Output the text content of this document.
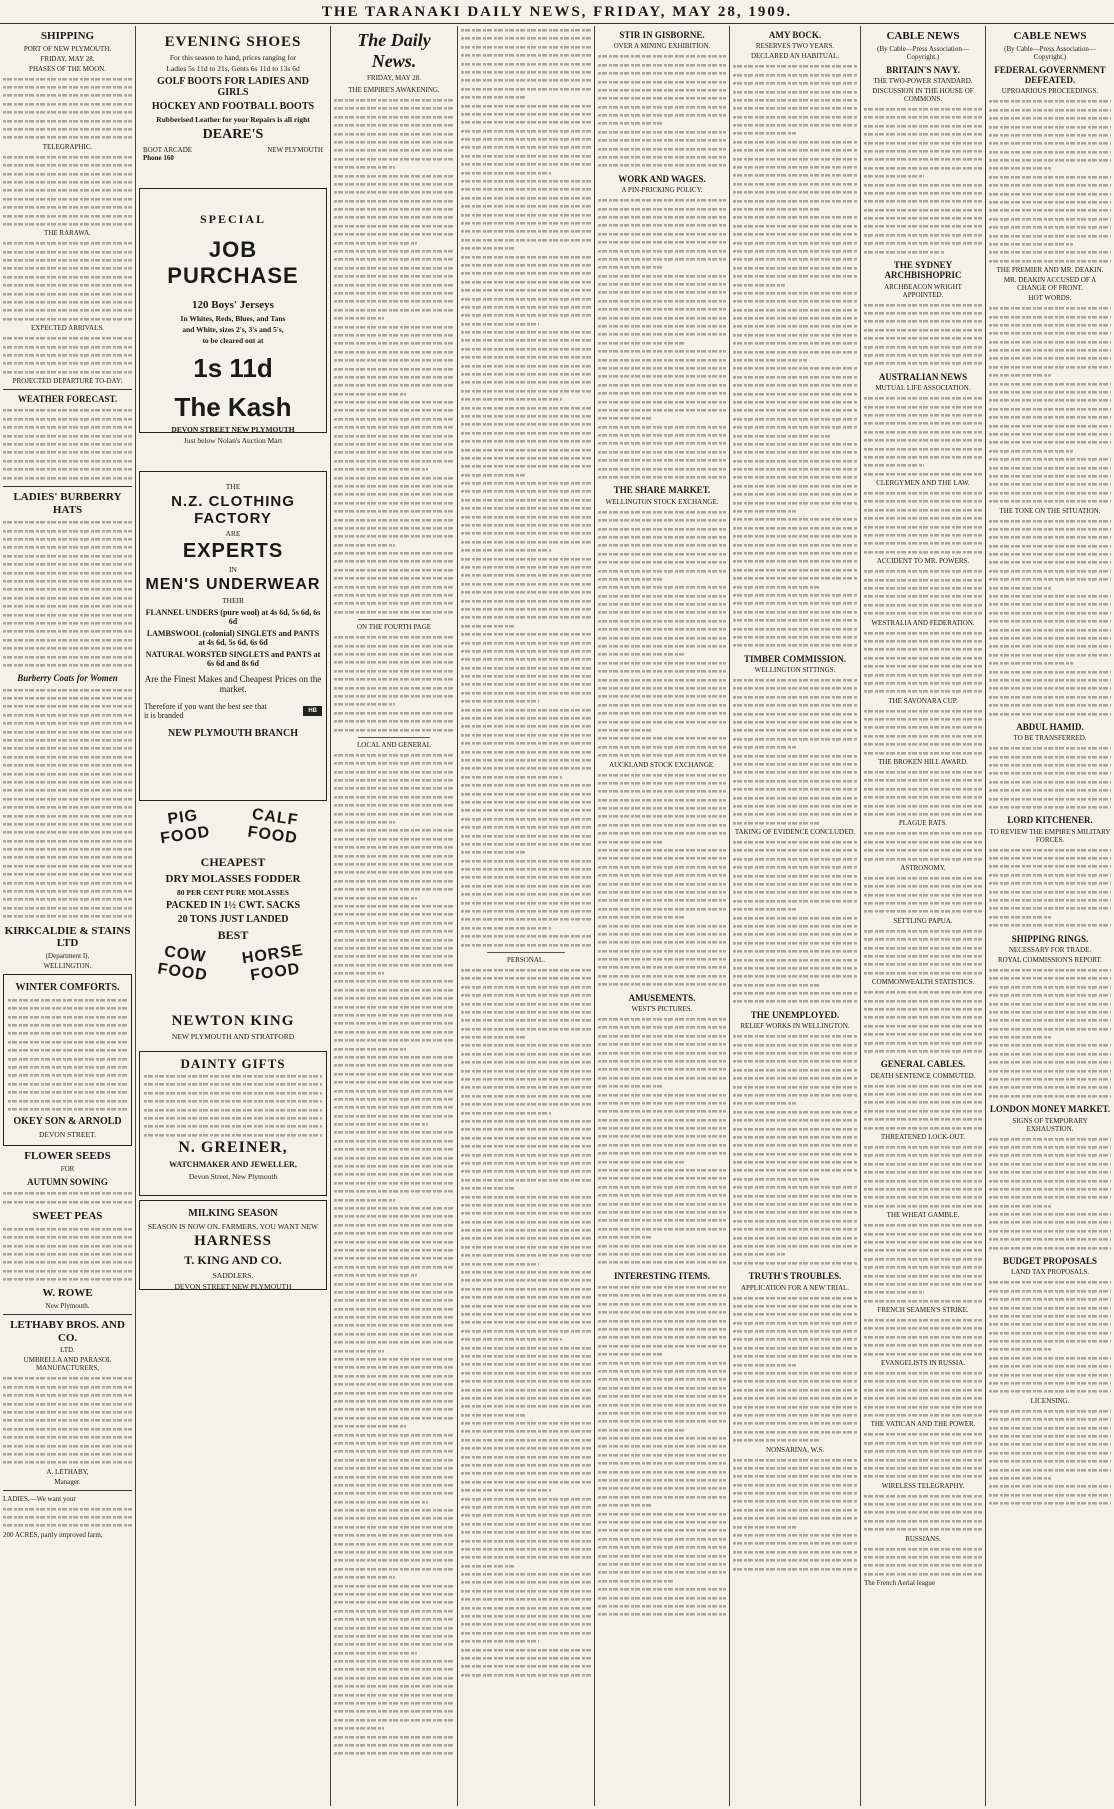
THE TARANAKI DAILY NEWS, FRIDAY, MAY 28, 1909.
SHIPPING
PORT OF NEW PLYMOUTH.
FRIDAY, MAY 28.
PHASES OF THE MOON.
TELEGRAPHIC.
THE RARAWA.
EXPECTED ARRIVALS.
PROJECTED DEPARTURE TO-DAY:
WEATHER FORECAST.
LADIES' BURBERRY HATS
Burberry Coats for Women
KIRKCALDIE & STAINS LTD
(Department I),
WELLINGTON.
WINTER COMFORTS.
OKEY SON & ARNOLD
DEVON STREET.
FLOWER SEEDS
FOR
AUTUMN SOWING
SWEET PEAS
W. ROWE
New Plymouth.
LETHABY BROS. AND CO.
LTD.
UMBRELLA AND PARASOL MANUFACTURERS,
A. LETHABY,
Manager.
LADIES.—We want your
200 ACRES, partly improved farm,
EVENING SHOES
For this season to hand, prices ranging for
Ladies 5s 11d to 21s, Gents 6s 11d to 13s 6d
GOLF BOOTS FOR LADIES AND GIRLS
HOCKEY AND FOOTBALL BOOTS
Rubberised Leather for your Repairs is all right
DEARE'S
BOOT ARCADE	NEW PLYMOUTH
Phone 160
SPECIAL
JOB PURCHASE
120 Boys' Jerseys
In Whites, Reds, Blues, and Tans
and White, sizes 2's, 3's and 5's,
to be cleared out at
1s 11d
The Kash
DEVON STREET NEW PLYMOUTH
Just below Nolan's Auction Mart
THE
N.Z. CLOTHING FACTORY
ARE
EXPERTS
IN
MEN'S UNDERWEAR
THEIR
FLANNEL UNDERS (pure wool) at 4s 6d, 5s 6d, 6s 6d
LAMBSWOOL (colonial) SINGLETS and PANTS at 4s 6d, 5s 6d, 6s 6d
NATURAL WORSTED SINGLETS and PANTS at 6s 6d and 8s 6d
Are the Finest Makes and Cheapest Prices on the market.
Therefore if you want the best see that it is branded	HB
NEW PLYMOUTH BRANCH
PIG FOOD
CALF FOOD
CHEAPEST
DRY MOLASSES FODDER
80 PER CENT PURE MOLASSES
PACKED IN 1½ CWT. SACKS
20 TONS JUST LANDED
BEST
COW FOOD
HORSE FOOD
NEWTON KING
NEW PLYMOUTH AND STRATFORD
DAINTY GIFTS
N. GREINER,
WATCHMAKER AND JEWELLER,
Devon Street, New Plymouth
MILKING SEASON
SEASON IS NOW ON. FARMERS, YOU WANT NEW
HARNESS
T. KING AND CO.
SADDLERS.
DEVON STREET NEW PLYMOUTH
The Daily News.
FRIDAY, MAY 28.
THE EMPIRE'S AWAKENING.
ON THE FOURTH PAGE
LOCAL AND GENERAL
PERSONAL.
STIR IN GISBORNE.
OVER A MINING EXHIBITION.
WORK AND WAGES.
A PIN-PRICKING POLICY.
THE SHARE MARKET.
WELLINGTON STOCK EXCHANGE.
AUCKLAND STOCK EXCHANGE.
AMUSEMENTS.
WEST'S PICTURES.
INTERESTING ITEMS.
AMY BOCK.
RESERVES TWO YEARS.
DECLARED AN HABITUAL.
TIMBER COMMISSION.
WELLINGTON SITTINGS.
TAKING OF EVIDENCE CONCLUDED.
THE UNEMPLOYED.
RELIEF WORKS IN WELLINGTON.
TRUTH'S TROUBLES.
APPLICATION FOR A NEW TRIAL.
NONSARINA, W.S.
CABLE NEWS
(By Cable—Press Association—Copyright.)
BRITAIN'S NAVY.
THE TWO-POWER STANDARD.
DISCUSSION IN THE HOUSE OF COMMONS.
THE SYDNEY ARCHBISHOPRIC
ARCHBEACON WRIGHT APPOINTED.
AUSTRALIAN NEWS
MUTUAL LIFE ASSOCIATION.
CLERGYMEN AND THE LAW.
ACCIDENT TO MR. POWERS.
WESTRALIA AND FEDERATION.
THE SAVONARA CUP.
THE BROKEN HILL AWARD.
PLAGUE RATS.
ASTRONOMY.
SETTLING PAPUA.
COMMONWEALTH STATISTICS.
GENERAL CABLES.
DEATH SENTENCE COMMUTED.
THREATENED LOCK-OUT.
THE WHEAT GAMBLE.
FRENCH SEAMEN'S STRIKE.
EVANGELISTS IN RUSSIA.
THE VATICAN AND THE POWER.
WIRELESS TELEGRAPHY.
RUSSIANS.
The French Aerial league
CABLE NEWS
(By Cable—Press Association—Copyright.)
FEDERAL GOVERNMENT DEFEATED.
UPROARIOUS PROCEEDINGS.
THE PREMIER AND MR. DEAKIN.
MR. DEAKIN ACCUSED OF A CHANGE OF FRONT.
HOT WORDS.
THE TONE ON THE SITUATION.
ABDUL HAMID.
TO BE TRANSFERRED.
LORD KITCHENER.
TO REVIEW THE EMPIRE'S MILITARY FORCES.
SHIPPING RINGS.
NECESSARY FOR TRADE.
ROYAL COMMISSION'S REPORT.
LONDON MONEY MARKET.
SIGNS OF TEMPORARY EXHAUSTION.
BUDGET PROPOSALS
LAND TAX PROPOSALS.
LICENSING.
